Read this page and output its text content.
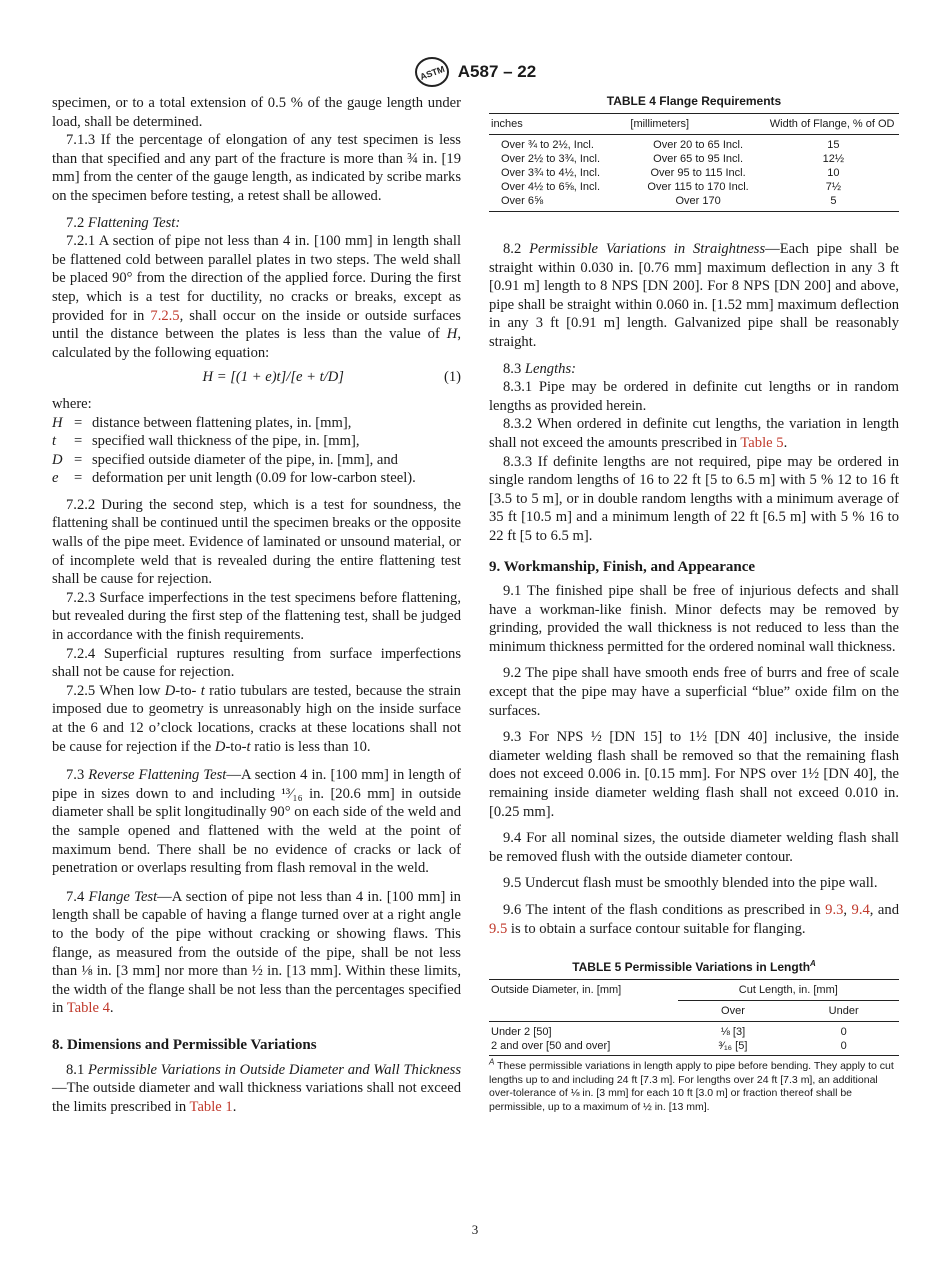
ASTM A587 – 22

specimen, or to a total extension of 0.5 % of the gauge length under load, shall be determined.

7.1.3 If the percentage of elongation of any test specimen is less than that specified and any part of the fracture is more than ¾ in. [19 mm] from the center of the gauge length, as indicated by scribe marks on the specimen before testing, a retest shall be allowed.

7.2 Flattening Test:

7.2.1 A section of pipe not less than 4 in. [100 mm] in length shall be flattened cold between parallel plates in two steps. The weld shall be placed 90° from the direction of the applied force. During the first step, which is a test for ductility, no cracks or breaks, except as provided for in 7.2.5, shall occur on the inside or outside surfaces until the distance between the plates is less than the value of H, calculated by the following equation:

H = [(1 + e)t]/[e + t/D]	(1)

where:

H = distance between flattening plates, in. [mm],
t	= specified wall thickness of the pipe, in. [mm],
D = specified outside diameter of the pipe, in. [mm], and
e	= deformation per unit length (0.09 for low-carbon steel).

7.2.2 During the second step, which is a test for soundness, the flattening shall be continued until the specimen breaks or the opposite walls of the pipe meet. Evidence of laminated or unsound material, or of incomplete weld that is revealed during the entire flattening test shall be cause for rejection.

7.2.3 Surface imperfections in the test specimens before flattening, but revealed during the first step of the flattening test, shall be judged in accordance with the finish requirements.

7.2.4 Superficial ruptures resulting from surface imperfections shall not be cause for rejection.

7.2.5 When low D-to- t ratio tubulars are tested, because the strain imposed due to geometry is unreasonably high on the inside surface at the 6 and 12 o’clock locations, cracks at these locations shall not be cause for rejection if the D-to-t ratio is less than 10.

7.3 Reverse Flattening Test—A section 4 in. [100 mm] in length of pipe in sizes down to and including ¹³⁄₁₆ in. [20.6 mm] in outside diameter shall be split longitudinally 90° on each side of the weld and the sample opened and flattened with the weld at the point of maximum bend. There shall be no evidence of cracks or lack of penetration or overlaps resulting from flash removal in the weld.

7.4 Flange Test—A section of pipe not less than 4 in. [100 mm] in length shall be capable of having a flange turned over at a right angle to the body of the pipe without cracking or showing flaws. This flange, as measured from the outside of the pipe, shall be not less than ⅛ in. [3 mm] nor more than ½ in. [13 mm]. Within these limits, the width of the flange shall be not less than the percentages specified in Table 4.

8. Dimensions and Permissible Variations

8.1 Permissible Variations in Outside Diameter and Wall Thickness—The outside diameter and wall thickness variations shall not exceed the limits prescribed in Table 1.

TABLE 4 Flange Requirements
inches	[millimeters]	Width of Flange, % of OD
Over ¾ to 2½, Incl.	Over 20 to 65 Incl.	15
Over 2½ to 3¾, Incl.	Over 65 to 95 Incl.	12½
Over 3¾ to 4½, Incl.	Over 95 to 115 Incl.	10
Over 4½ to 6⅝, Incl.	Over 115 to 170 Incl.	7½
Over 6⅝	Over 170	5

8.2 Permissible Variations in Straightness—Each pipe shall be straight within 0.030 in. [0.76 mm] maximum deflection in any 3 ft [0.91 m] length to 8 NPS [DN 200]. For 8 NPS [DN 200] and above, pipe shall be straight within 0.060 in. [1.52 mm] maximum deflection in any 3 ft [0.91 m] length. Galvanized pipe shall be reasonably straight.

8.3 Lengths:

8.3.1 Pipe may be ordered in definite cut lengths or in random lengths as provided herein.

8.3.2 When ordered in definite cut lengths, the variation in length shall not exceed the amounts prescribed in Table 5.

8.3.3 If definite lengths are not required, pipe may be ordered in single random lengths of 16 to 22 ft [5 to 6.5 m] with 5 % 12 to 16 ft [3.5 to 5 m], or in double random lengths with a minimum average of 35 ft [10.5 m] and a minimum length of 22 ft [6.5 m] with 5 % 16 to 22 ft [5 to 6.5 m].

9. Workmanship, Finish, and Appearance

9.1 The finished pipe shall be free of injurious defects and shall have a workman-like finish. Minor defects may be removed by grinding, provided the wall thickness is not reduced to less than the minimum thickness permitted for the ordered nominal wall thickness.

9.2 The pipe shall have smooth ends free of burrs and free of scale except that the pipe may have a superficial “blue” oxide film on the surfaces.

9.3 For NPS ½ [DN 15] to 1½ [DN 40] inclusive, the inside diameter welding flash shall be removed so that the remaining flash does not exceed 0.006 in. [0.15 mm]. For NPS over 1½ [DN 40], the remaining inside diameter welding flash shall not exceed 0.010 in. [0.25 mm].

9.4 For all nominal sizes, the outside diameter welding flash shall be removed flush with the outside diameter contour.

9.5 Undercut flash must be smoothly blended into the pipe wall.

9.6 The intent of the flash conditions as prescribed in 9.3, 9.4, and 9.5 is to obtain a surface contour suitable for flanging.

TABLE 5 Permissible Variations in Length$^A$
Outside Diameter, in. [mm]	Cut Length, in. [mm]	
	Over	Under
Under 2 [50]	⅛ [3]	0
2 and over [50 and over]	³⁄₁₆ [5]	0
$^A$ These permissible variations in length apply to pipe before bending. They apply to cut lengths up to and including 24 ft [7.3 m]. For lengths over 24 ft [7.3 m], an additional over-tolerance of ⅛ in. [3 mm] for each 10 ft [3.0 m] or fraction thereof shall be permissible, up to a maximum of ½ in. [13 mm].
3
